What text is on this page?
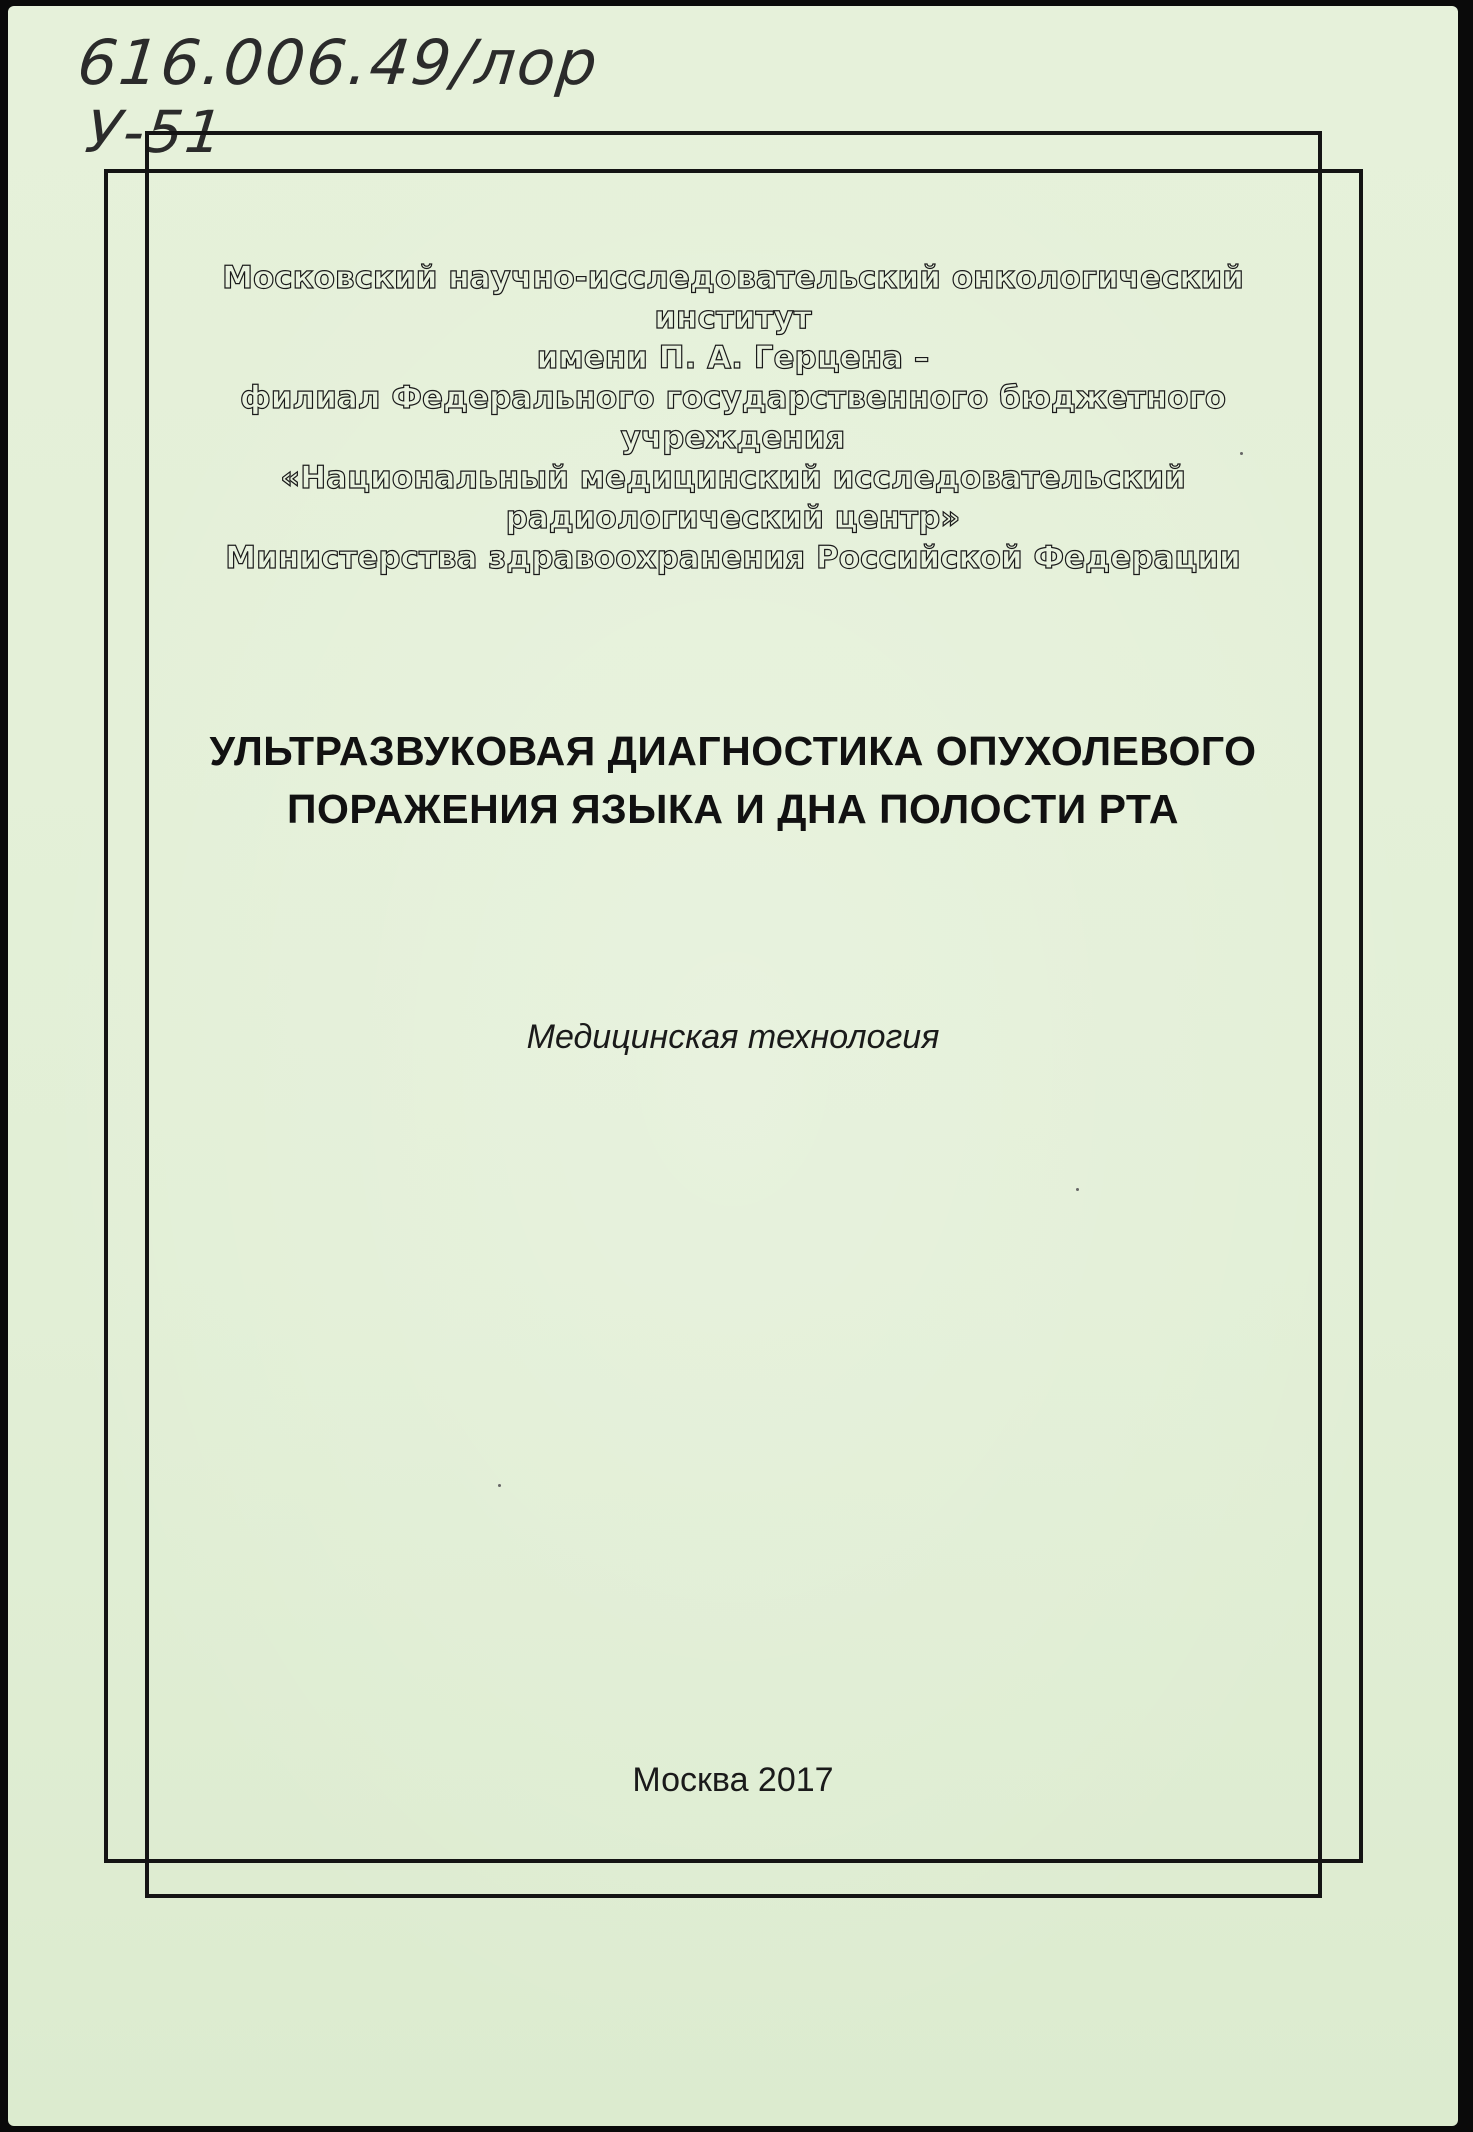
616.006.49/лор
У-51
Московский научно-исследовательский онкологический институт
имени П. А. Герцена –
филиал Федерального государственного бюджетного учреждения
«Национальный медицинский исследовательский
радиологический центр»
Министерства здравоохранения Российской Федерации
УЛЬТРАЗВУКОВАЯ ДИАГНОСТИКА ОПУХОЛЕВОГО
ПОРАЖЕНИЯ ЯЗЫКА И ДНА ПОЛОСТИ РТА
Медицинская технология
Москва 2017
